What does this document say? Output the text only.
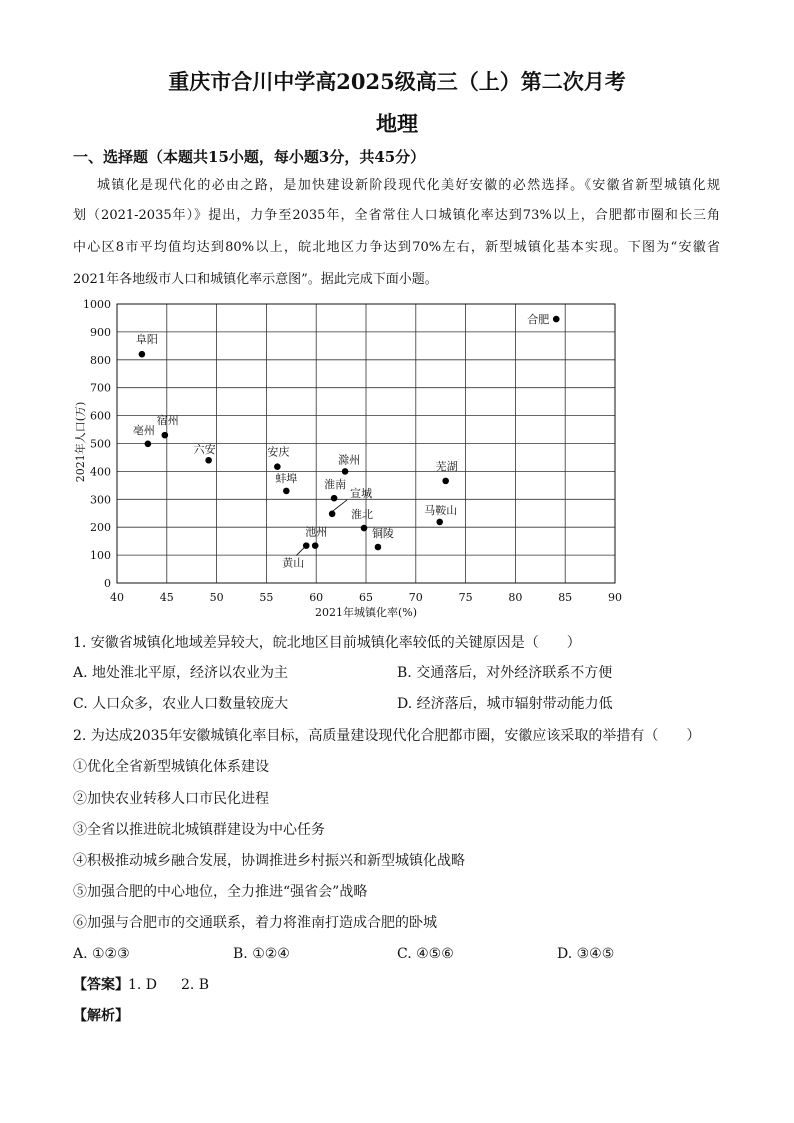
重庆市合川中学高2025级高三（上）第二次月考
地理
一、选择题（本题共15小题，每小题3分，共45分）
城镇化是现代化的必由之路，是加快建设新阶段现代化美好安徽的必然选择。《安徽省新型城镇化规
划（2021-2035年）》提出，力争至2035年，全省常住人口城镇化率达到73%以上，合肥都市圈和长三角
中心区8市平均值均达到80%以上，皖北地区力争达到70%左右，新型城镇化基本实现。下图为“安徽省
2021年各地级市人口和城镇化率示意图”。据此完成下面小题。
2021年城镇化率(%)
2021年人口(万)
40	45	50	55	60	65	70	75	80	85	90
0
100
200
300
400
500
600
700
800
900
1000
合肥
阜阳
宿州
亳州
六安	安庆
蚌埠
滁州	芜湖
淮南
宣城
淮北	马鞍山
铜陵
池州
黄山
1. 安徽省城镇化地域差异较大，皖北地区目前城镇化率较低的关键原因是（　　）
A. 地处淮北平原，经济以农业为主	B. 交通落后，对外经济联系不方便
C. 人口众多，农业人口数量较庞大	D. 经济落后，城市辐射带动能力低
2. 为达成2035年安徽城镇化率目标，高质量建设现代化合肥都市圈，安徽应该采取的举措有（　　）
①优化全省新型城镇化体系建设
②加快农业转移人口市民化进程
③全省以推进皖北城镇群建设为中心任务
④积极推动城乡融合发展，协调推进乡村振兴和新型城镇化战略
⑤加强合肥的中心地位，全力推进“强省会”战略
⑥加强与合肥市的交通联系，着力将淮南打造成合肥的卧城
A. ①②③	B. ①②④	C. ④⑤⑥	D. ③④⑤
【答案】 1. D 2. B
【解析】
